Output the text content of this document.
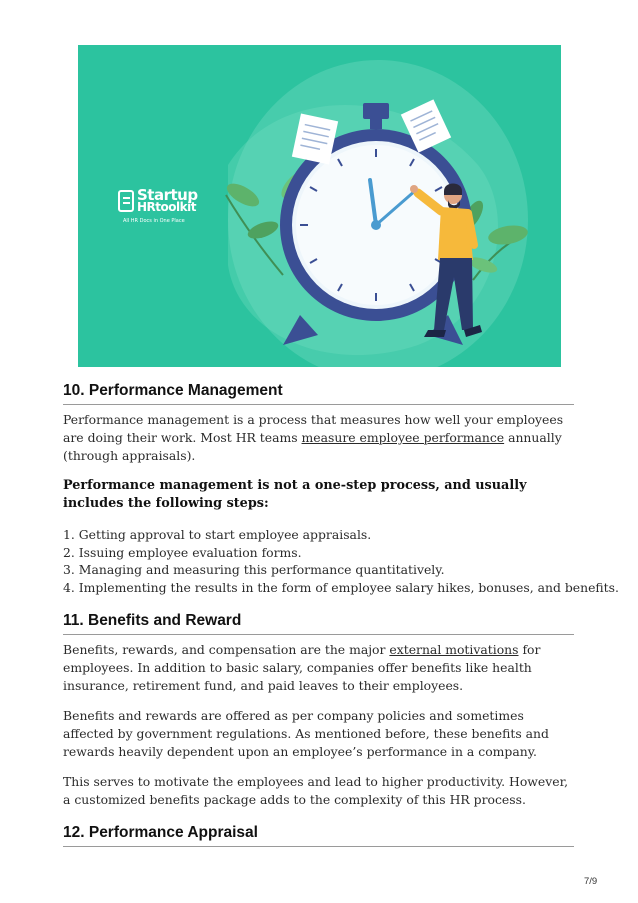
Startup
HRtoolkit
All HR Docs in One Place
10. Performance Management

Performance management is a process that measures how well your employees are doing their work. Most HR teams measure employee performance annually (through appraisals).

Performance management is not a one-step process, and usually includes the following steps:

1. Getting approval to start employee appraisals.
2. Issuing employee evaluation forms.
3. Managing and measuring this performance quantitatively.
4. Implementing the results in the form of employee salary hikes, bonuses, and benefits.
11. Benefits and Reward

Benefits, rewards, and compensation are the major external motivations for employees. In addition to basic salary, companies offer benefits like health insurance, retirement fund, and paid leaves to their employees.

Benefits and rewards are offered as per company policies and sometimes affected by government regulations. As mentioned before, these benefits and rewards heavily dependent upon an employee’s performance in a company.

This serves to motivate the employees and lead to higher productivity. However, a customized benefits package adds to the complexity of this HR process.

12. Performance Appraisal
7/9
